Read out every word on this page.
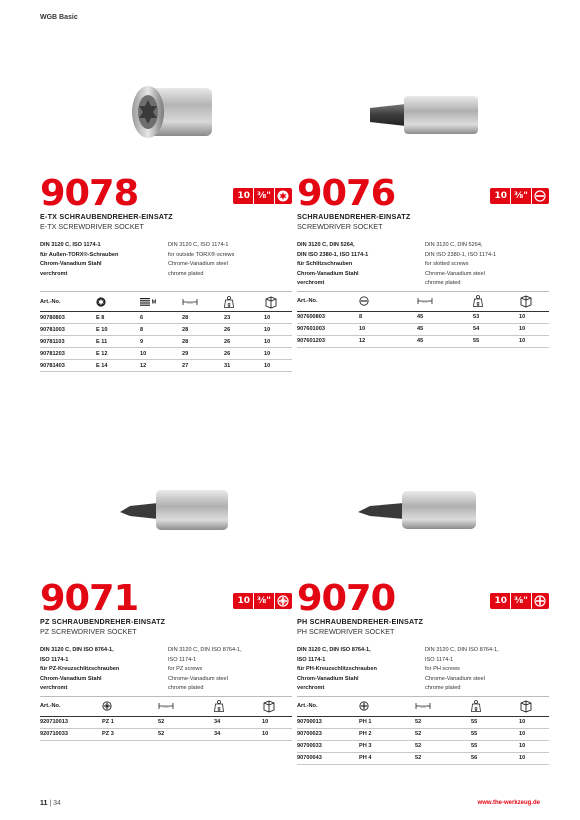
WGB Basic
9078	10 ⅜"
E-TX SCHRAUBENDREHER-EINSATZ
E-TX SCREWDRIVER SOCKET
DIN 3120 C, ISO 1174-1
für Außen-TORX®-Schrauben
Chrom-Vanadium Stahl
verchromt
DIN 3120 C, ISO 1174-1
for outside TORX®-screws
Chrome-Vanadium steel
chrome plated
Art.-No.		M	mm	g

90780803	E 8	6	28	23	10
90781003	E 10	8	28	26	10
90781103	E 11	9	28	26	10
90781203	E 12	10	29	26	10
90781403	E 14	12	27	31	10
9076	10 ⅜"
SCHRAUBENDREHER-EINSATZ
SCREWDRIVER SOCKET
DIN 3120 C, DIN 5264,
DIN ISO 2380-1, ISO 1174-1
für Schlitzschrauben
Chrom-Vanadium Stahl
verchromt
DIN 3120 C, DIN 5264,
DIN ISO 2380-1, ISO 1174-1
for slotted screws
Chrome-Vanadium steel
chrome plated
Art.-No.		mm	g

907600803	8	45	53	10
907601003	10	45	54	10
907601203	12	45	55	10
9071	10 ⅜"
PZ SCHRAUBENDREHER-EINSATZ
PZ SCREWDRIVER SOCKET
DIN 3120 C, DIN ISO 8764-1,
ISO 1174-1
für PZ-Kreuzschlitzschrauben
Chrom-Vanadium Stahl
verchromt
DIN 3120 C, DIN ISO 8764-1,
ISO 1174-1
for PZ screws
Chrome-Vanadium steel
chrome plated
Art.-No.		mm	g

920710013	PZ 1	52	34	10
920710033	PZ 3	52	34	10
9070	10 ⅜"
PH SCHRAUBENDREHER-EINSATZ
PH SCREWDRIVER SOCKET
DIN 3120 C, DIN ISO 8764-1,
ISO 1174-1
für PH-Kreuzschlitzschrauben
Chrom-Vanadium Stahl
verchromt
DIN 3120 C, DIN ISO 8764-1,
ISO 1174-1
for PH screws
Chrome-Vanadium steel
chrome plated
Art.-No.		mm	g

90700013	PH 1	52	55	10
90700023	PH 2	52	55	10
90700033	PH 3	52	55	10
90700043	PH 4	52	56	10
11 | 34	www.the-werkzeug.de
